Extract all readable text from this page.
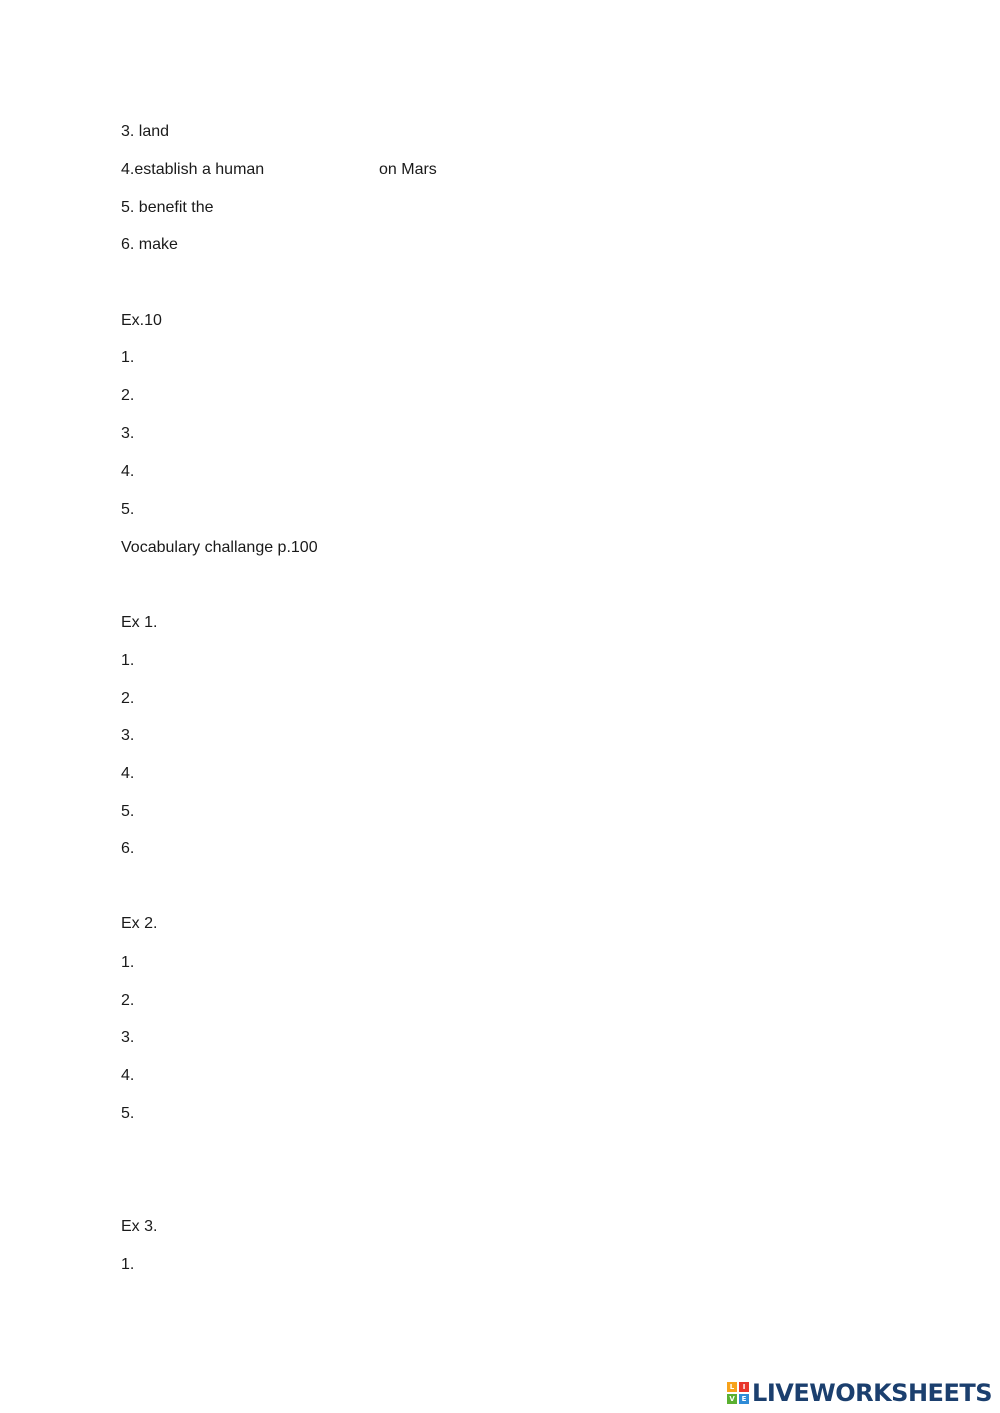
3. land
4.establish a human	on Mars
5. benefit the
6. make
Ex.10
1.
2.
3.
4.
5.
Vocabulary challange p.100
Ex 1.
1.
2.
3.
4.
5.
6.
Ex 2.
1.
2.
3.
4.
5.
Ex 3.
1.
L	I
V E LIVEWORKSHEETS
